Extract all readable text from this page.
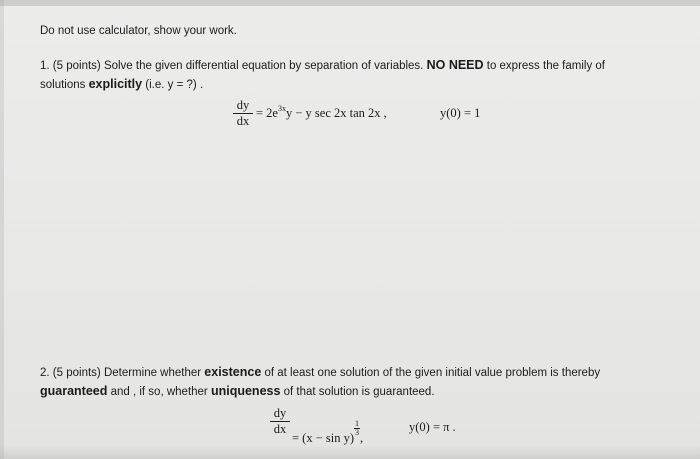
Do not use calculator, show your work.
1. (5 points) Solve the given differential equation by separation of variables. NO NEED to express the family of
solutions explicitly (i.e. y = ?) .
dy
dx
= $2e^{3x}y - y$ sec 2x tan 2x ,	y(0) = 1
2. (5 points) Determine whether existence of at least one solution of the given initial value problem is thereby
guaranteed and , if so, whether uniqueness of that solution is guaranteed.
dy
dx
= $(x - \sin y)\frac{1}{3}$,
y(0) = π .
